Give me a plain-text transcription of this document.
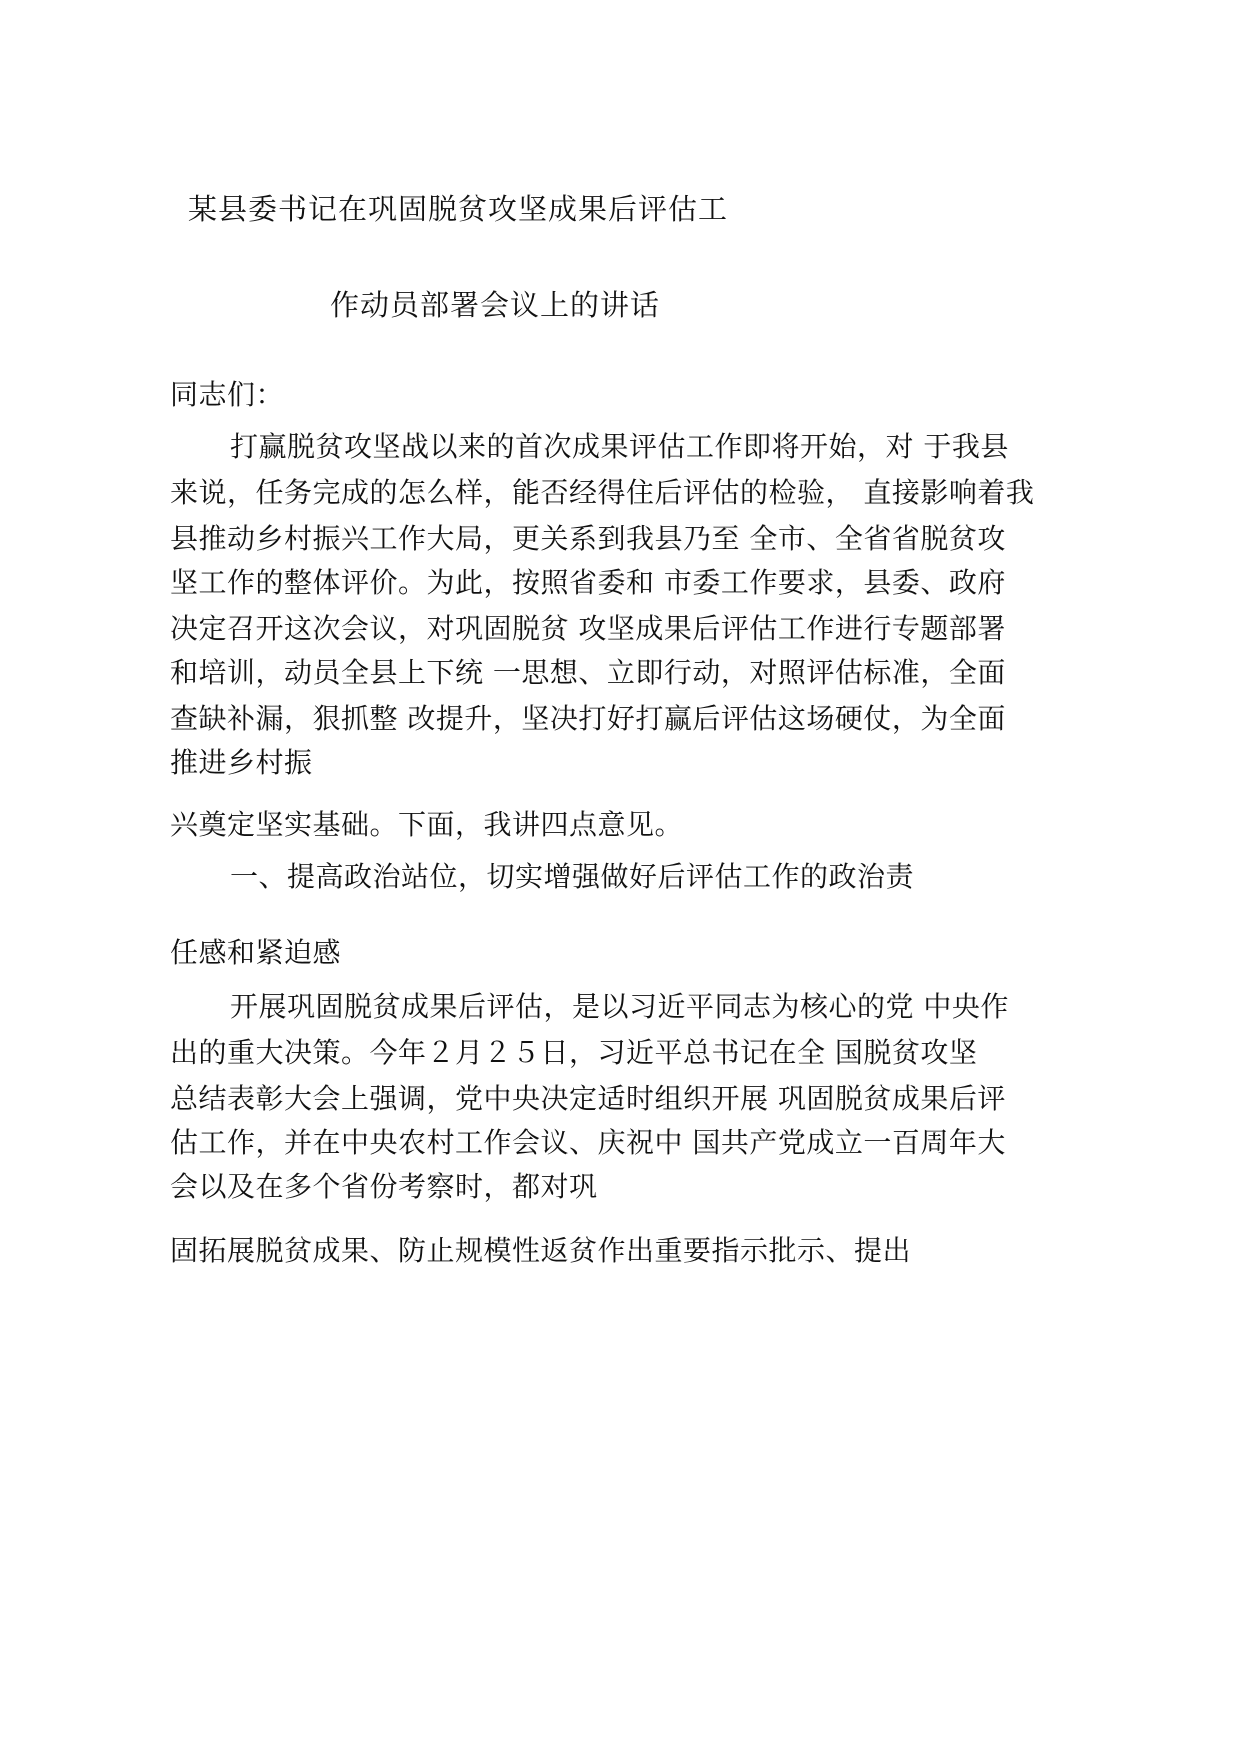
某县委书记在巩固脱贫攻坚成果后评估工
作动员部署会议上的讲话
同志们：
打赢脱贫攻坚战以来的首次成果评估工作即将开始，对 于我县
来说，任务完成的怎么样，能否经得住后评估的检验， 直接影响着我
县推动乡村振兴工作大局，更关系到我县乃至 全市、全省省脱贫攻
坚工作的整体评价。为此，按照省委和 市委工作要求，县委、政府
决定召开这次会议，对巩固脱贫 攻坚成果后评估工作进行专题部署
和培训，动员全县上下统 一思想、立即行动，对照评估标准，全面
查缺补漏，狠抓整 改提升，坚决打好打赢后评估这场硬仗，为全面
推进乡村振
兴奠定坚实基础。下面，我讲四点意见。
一、提高政治站位，切实增强做好后评估工作的政治责
任感和紧迫感
开展巩固脱贫成果后评估，是以习近平同志为核心的党 中央作
出的重大决策。今年２月２５日，习近平总书记在全 国脱贫攻坚
总结表彰大会上强调，党中央决定适时组织开展 巩固脱贫成果后评
估工作，并在中央农村工作会议、庆祝中 国共产党成立一百周年大
会以及在多个省份考察时，都对巩
固拓展脱贫成果、防止规模性返贫作出重要指示批示、提出
